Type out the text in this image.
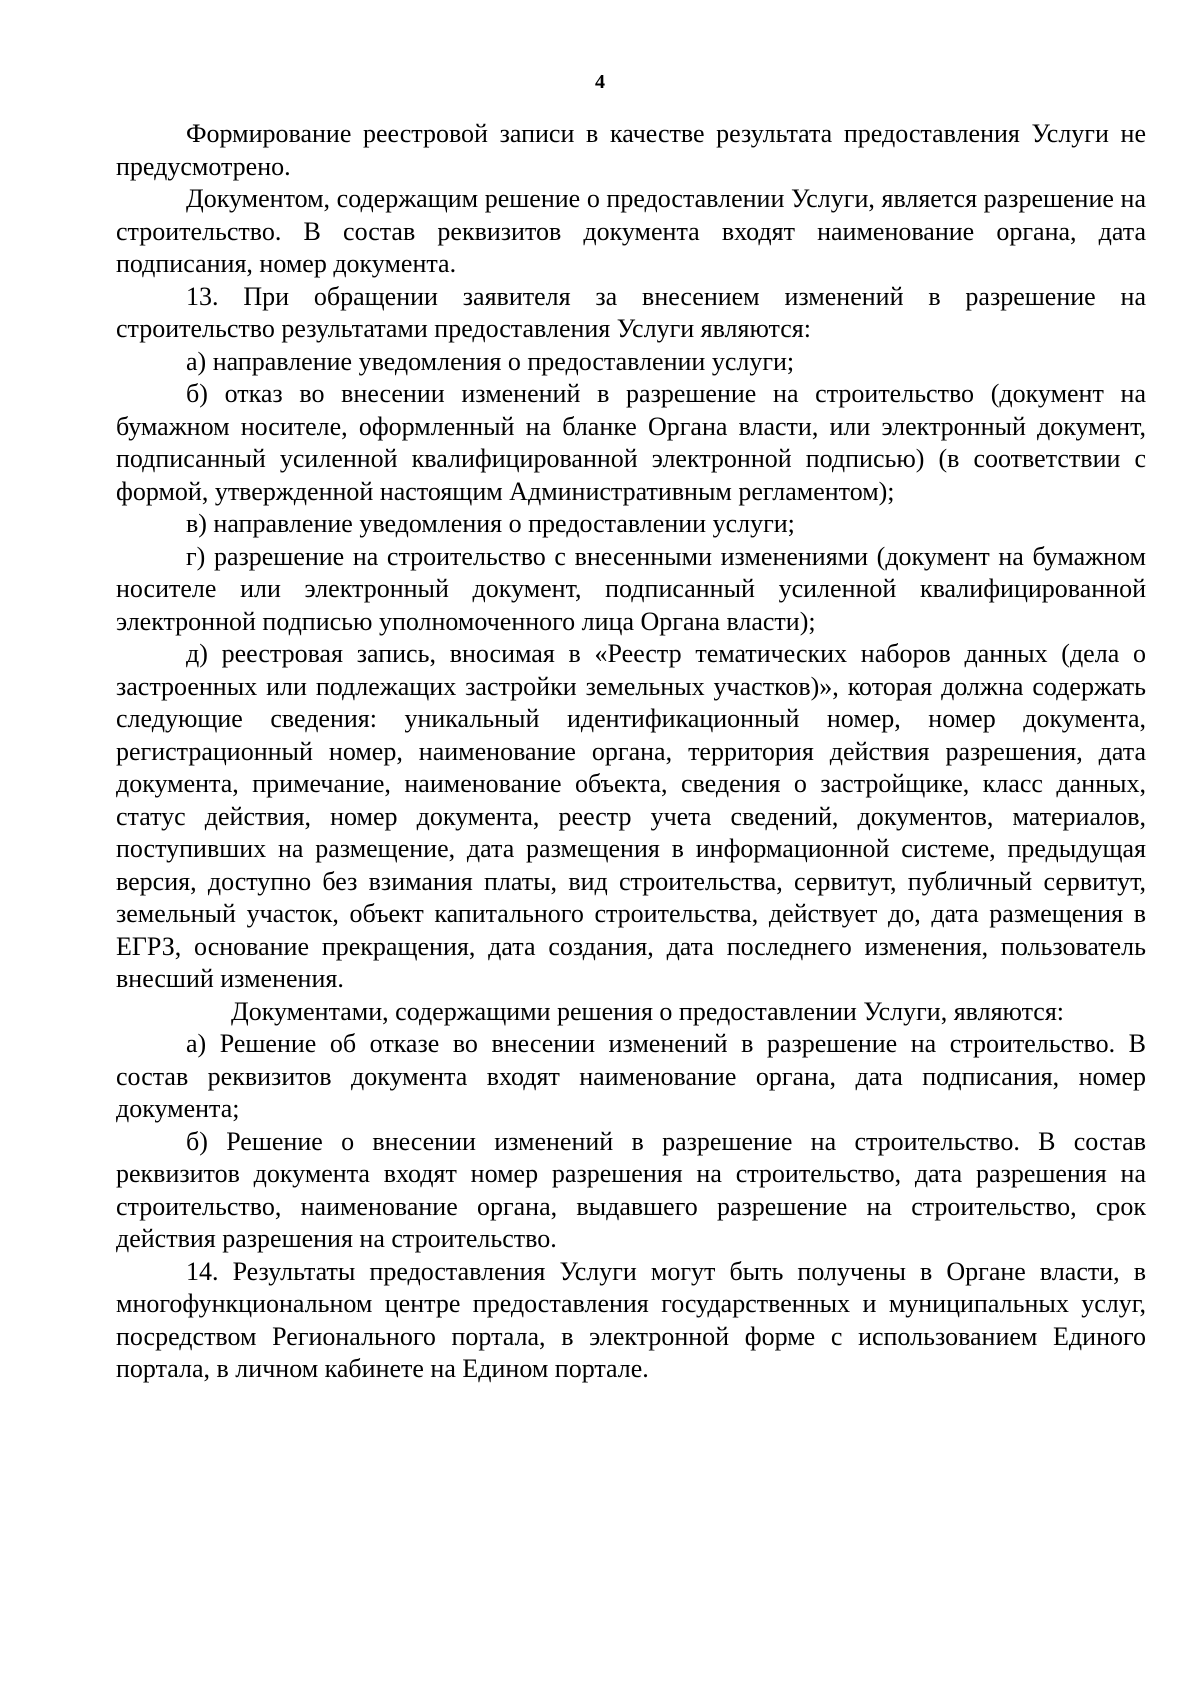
4

Формирование реестровой записи в качестве результата предоставления Услуги не предусмотрено.

Документом, содержащим решение о предоставлении Услуги, является разрешение на строительство. В состав реквизитов документа входят наименование органа, дата подписания, номер документа.

13. При обращении заявителя за внесением изменений в разрешение на строительство результатами предоставления Услуги являются:

а) направление уведомления о предоставлении услуги;

б) отказ во внесении изменений в разрешение на строительство (документ на бумажном носителе, оформленный на бланке Органа власти, или электронный документ, подписанный усиленной квалифицированной электронной подписью) (в соответствии с формой, утвержденной настоящим Административным регламентом);

в) направление уведомления о предоставлении услуги;

г) разрешение на строительство с внесенными изменениями (документ на бумажном носителе или электронный документ, подписанный усиленной квалифицированной электронной подписью уполномоченного лица Органа власти);

д) реестровая запись, вносимая в «Реестр тематических наборов данных (дела о застроенных или подлежащих застройки земельных участков)», которая должна содержать следующие сведения: уникальный идентификационный номер, номер документа, регистрационный номер, наименование органа, территория действия разрешения, дата документа, примечание, наименование объекта, сведения о застройщике, класс данных, статус действия, номер документа, реестр учета сведений, документов, материалов, поступивших на размещение, дата размещения в информационной системе, предыдущая версия, доступно без взимания платы, вид строительства, сервитут, публичный сервитут, земельный участок, объект капитального строительства, действует до, дата размещения в ЕГРЗ, основание прекращения, дата создания, дата последнего изменения, пользователь внесший изменения.

Документами, содержащими решения о предоставлении Услуги, являются:

а) Решение об отказе во внесении изменений в разрешение на строительство. В состав реквизитов документа входят наименование органа, дата подписания, номер документа;

б) Решение о внесении изменений в разрешение на строительство. В состав реквизитов документа входят номер разрешения на строительство, дата разрешения на строительство, наименование органа, выдавшего разрешение на строительство, срок действия разрешения на строительство.

14. Результаты предоставления Услуги могут быть получены в Органе власти, в многофункциональном центре предоставления государственных и муниципальных услуг, посредством Регионального портала, в электронной форме с использованием Единого портала, в личном кабинете на Едином портале.
